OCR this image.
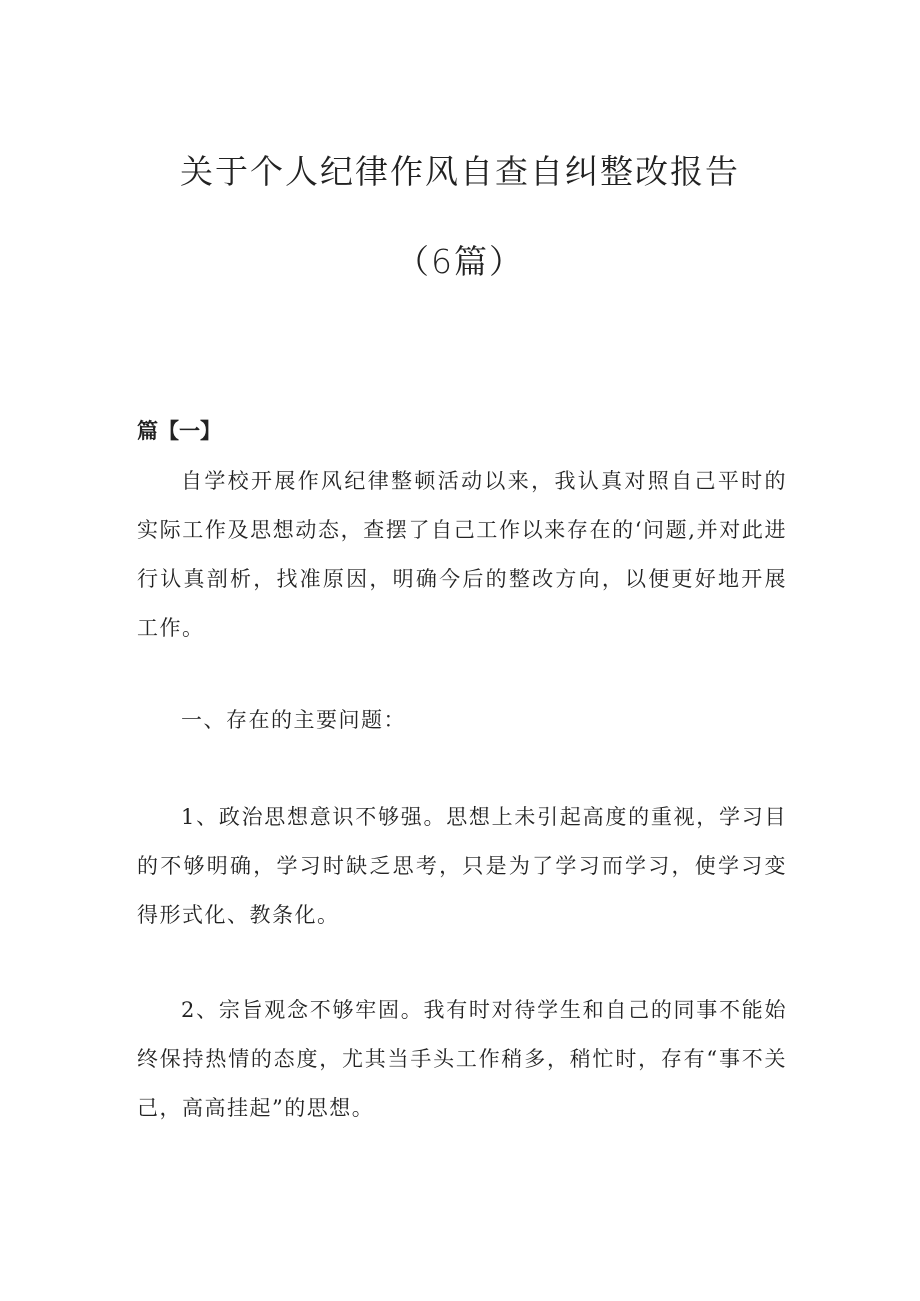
关于个人纪律作风自查自纠整改报告
（6篇）
篇【一】

自学校开展作风纪律整顿活动以来，我认真对照自己平时的实际工作及思想动态，查摆了自己工作以来存在的‘问题,并对此进行认真剖析，找准原因，明确今后的整改方向，以便更好地开展工作。

一、存在的主要问题：

1、政治思想意识不够强。思想上未引起高度的重视，学习目的不够明确，学习时缺乏思考，只是为了学习而学习，使学习变得形式化、教条化。

2、宗旨观念不够牢固。我有时对待学生和自己的同事不能始终保持热情的态度，尤其当手头工作稍多，稍忙时，存有“事不关己，高高挂起”的思想。
